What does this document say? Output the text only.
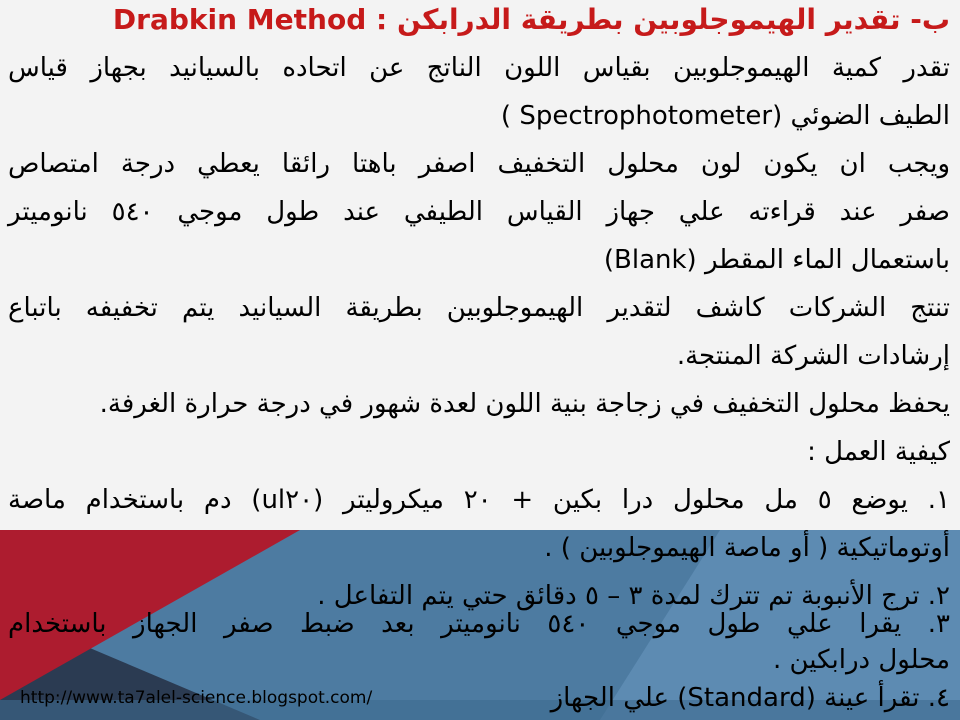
ب- تقدير الهيموجلوبين بطريقة الدرابكن : Drabkin Method
تقدر كمية الهيموجلوبين بقياس اللون الناتج عن اتحاده بالسيانيد بجهاز قياس
الطيف الضوئي (Spectrophotometer )
ويجب ان يكون لون محلول التخفيف اصفر باهتا رائقا يعطي درجة امتصاص
صفر عند قراءته علي جهاز القياس الطيفي عند طول موجي ٥٤٠ نانوميتر
باستعمال الماء المقطر (Blank)
تنتج الشركات كاشف لتقدير الهيموجلوبين بطريقة السيانيد يتم تخفيفه باتباع
إرشادات الشركة المنتجة.
يحفظ محلول التخفيف في زجاجة بنية اللون لعدة شهور في درجة حرارة الغرفة.
كيفية العمل :
١. يوضع ٥ مل محلول درا بكين + ٢٠ ميكروليتر (ul٢٠) دم باستخدام ماصة
أوتوماتيكية ( أو ماصة الهيموجلوبين ) .
٢. ترج الأنبوبة تم تترك لمدة ٣ – ٥ دقائق حتي يتم التفاعل .
٣. يقرا علي طول موجي ٥٤٠ نانوميتر بعد ضبط صفر الجهاز باستخدام
محلول درابكين .
٤. تقرأ عينة (Standard) علي الجهاز
http://www.ta7alel-science.blogspot.com/
